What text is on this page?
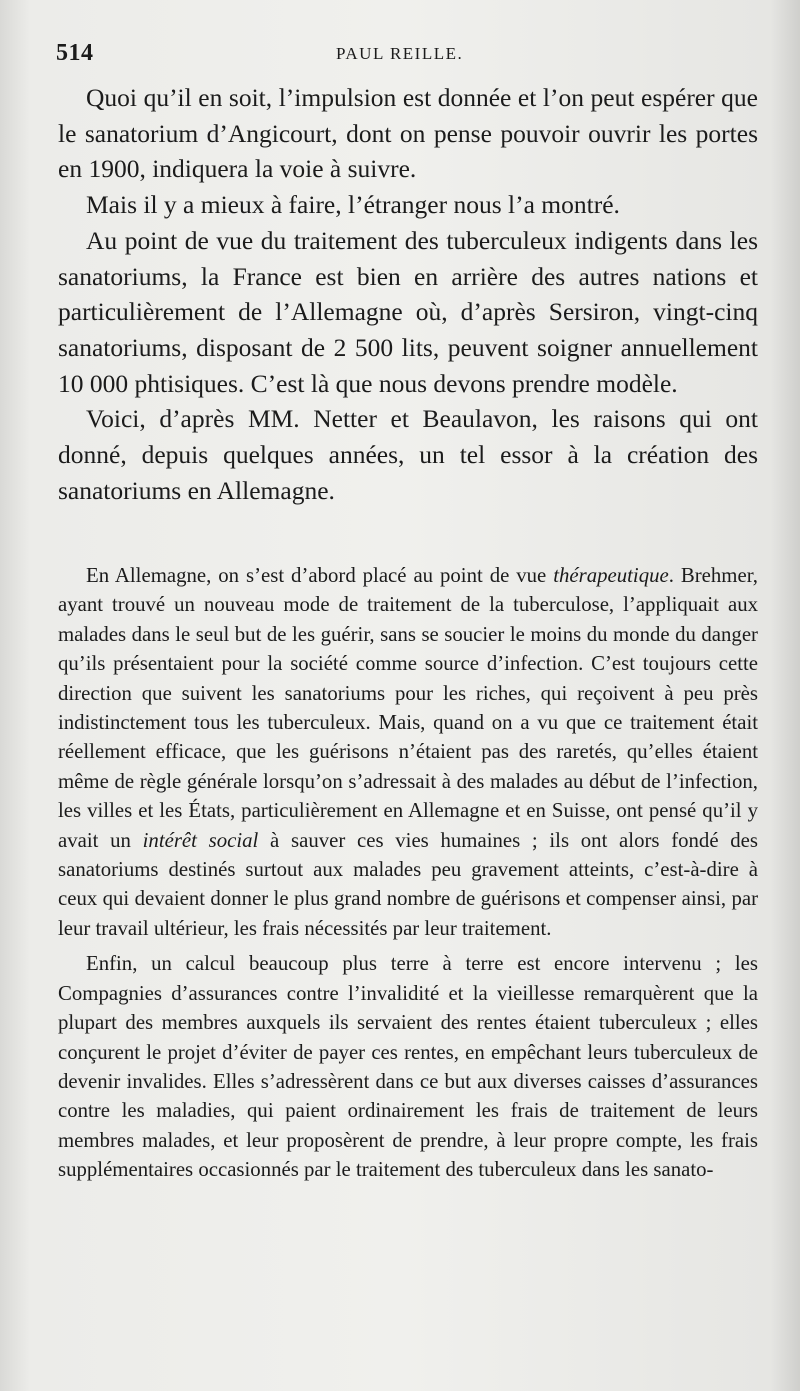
514	PAUL REILLE.

Quoi qu’il en soit, l’impulsion est donnée et l’on peut espérer que le sanatorium d’Angicourt, dont on pense pouvoir ouvrir les portes en 1900, indiquera la voie à suivre.

Mais il y a mieux à faire, l’étranger nous l’a montré.

Au point de vue du traitement des tuberculeux indigents dans les sanatoriums, la France est bien en arrière des autres nations et particulièrement de l’Allemagne où, d’après Sersiron, vingt-cinq sanatoriums, disposant de 2 500 lits, peuvent soigner annuellement 10 000 phtisiques. C’est là que nous devons prendre modèle.

Voici, d’après MM. Netter et Beaulavon, les raisons qui ont donné, depuis quelques années, un tel essor à la création des sanatoriums en Allemagne.

En Allemagne, on s’est d’abord placé au point de vue thérapeutique. Brehmer, ayant trouvé un nouveau mode de traitement de la tuberculose, l’appliquait aux malades dans le seul but de les guérir, sans se soucier le moins du monde du danger qu’ils présentaient pour la société comme source d’infection. C’est toujours cette direction que suivent les sanatoriums pour les riches, qui reçoivent à peu près indistinctement tous les tuberculeux. Mais, quand on a vu que ce traitement était réellement efficace, que les guérisons n’étaient pas des raretés, qu’elles étaient même de règle générale lorsqu’on s’adressait à des malades au début de l’infection, les villes et les États, particulièrement en Allemagne et en Suisse, ont pensé qu’il y avait un intérêt social à sauver ces vies humaines ; ils ont alors fondé des sanatoriums destinés surtout aux malades peu gravement atteints, c’est-à-dire à ceux qui devaient donner le plus grand nombre de guérisons et compenser ainsi, par leur travail ultérieur, les frais nécessités par leur traitement.

Enfin, un calcul beaucoup plus terre à terre est encore intervenu ; les Compagnies d’assurances contre l’invalidité et la vieillesse remarquèrent que la plupart des membres auxquels ils servaient des rentes étaient tuberculeux ; elles conçurent le projet d’éviter de payer ces rentes, en empêchant leurs tuberculeux de devenir invalides. Elles s’adressèrent dans ce but aux diverses caisses d’assurances contre les maladies, qui paient ordinairement les frais de traitement de leurs membres malades, et leur proposèrent de prendre, à leur propre compte, les frais supplémentaires occasionnés par le traitement des tuberculeux dans les sanato-
